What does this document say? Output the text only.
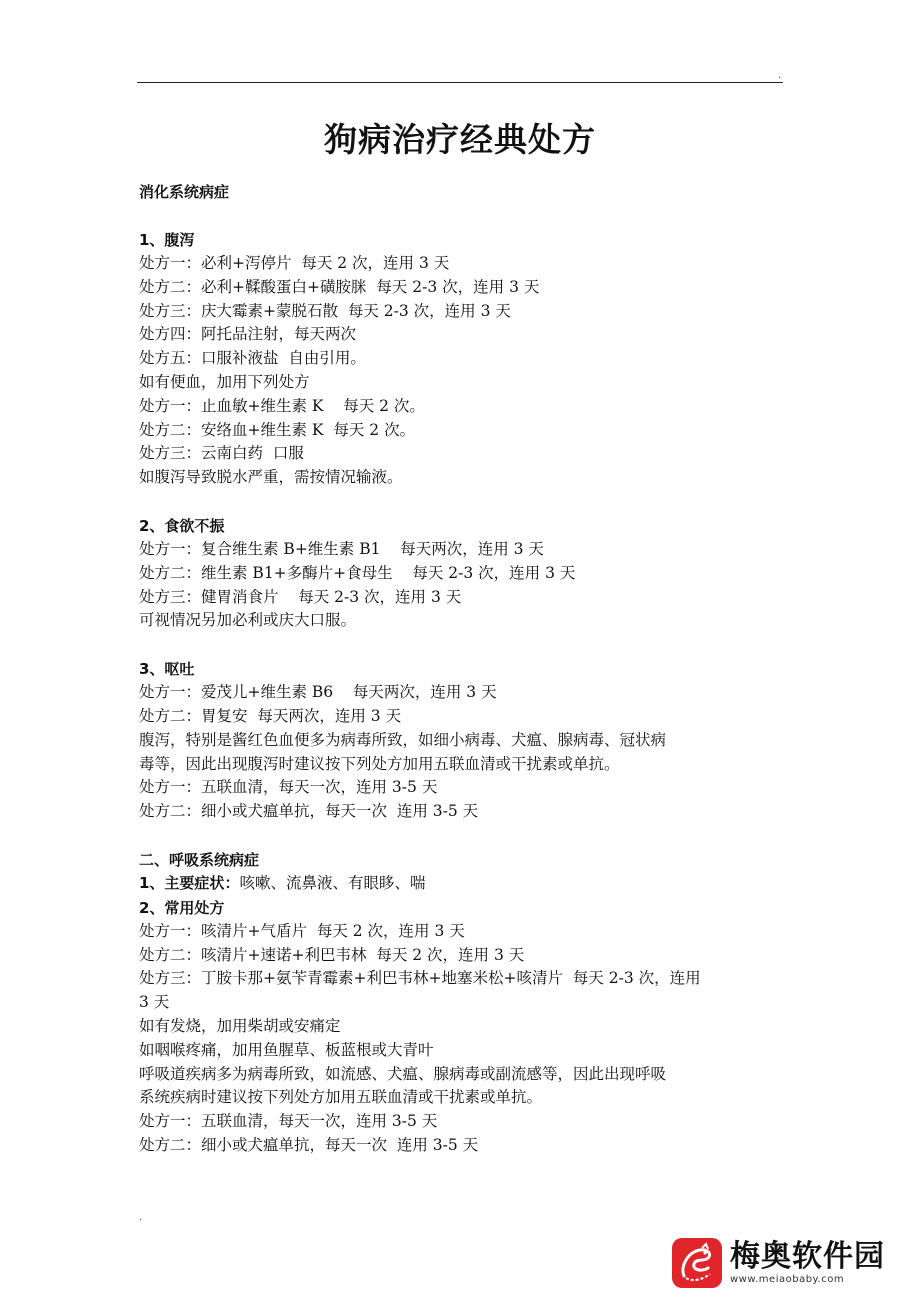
.
狗病治疗经典处方

消化系统病症

1、腹泻

处方一：必利+泻停片  每天 2 次，连用 3 天

处方二：必利+鞣酸蛋白+磺胺脒  每天 2-3 次，连用 3 天

处方三：庆大霉素+蒙脱石散  每天 2-3 次，连用 3 天

处方四：阿托品注射，每天两次

处方五：口服补液盐  自由引用。

如有便血，加用下列处方

处方一：止血敏+维生素 K    每天 2 次。

处方二：安络血+维生素 K  每天 2 次。

处方三：云南白药  口服

如腹泻导致脱水严重，需按情况输液。

2、食欲不振

处方一：复合维生素 B+维生素 B1    每天两次，连用 3 天

处方二：维生素 B1+多酶片+食母生    每天 2-3 次，连用 3 天

处方三：健胃消食片    每天 2-3 次，连用 3 天

可视情况另加必利或庆大口服。

3、呕吐

处方一：爱茂儿+维生素 B6    每天两次，连用 3 天

处方二：胃复安  每天两次，连用 3 天

腹泻，特别是酱红色血便多为病毒所致，如细小病毒、犬瘟、腺病毒、冠状病

毒等，因此出现腹泻时建议按下列处方加用五联血清或干扰素或单抗。

处方一：五联血清，每天一次，连用 3-5 天

处方二：细小或犬瘟单抗，每天一次  连用 3-5 天

二、呼吸系统病症

1、主要症状：咳嗽、流鼻液、有眼眵、喘

2、常用处方

处方一：咳清片+气盾片  每天 2 次，连用 3 天

处方二：咳清片+速诺+利巴韦林  每天 2 次，连用 3 天

处方三：丁胺卡那+氨苄青霉素+利巴韦林+地塞米松+咳清片  每天 2-3 次，连用

3 天

如有发烧，加用柴胡或安痛定

如咽喉疼痛，加用鱼腥草、板蓝根或大青叶

呼吸道疾病多为病毒所致，如流感、犬瘟、腺病毒或副流感等，因此出现呼吸

系统疾病时建议按下列处方加用五联血清或干扰素或单抗。

处方一：五联血清，每天一次，连用 3-5 天

处方二：细小或犬瘟单抗，每天一次  连用 3-5 天

.
梅奥软件园
www.meiaobaby.com
